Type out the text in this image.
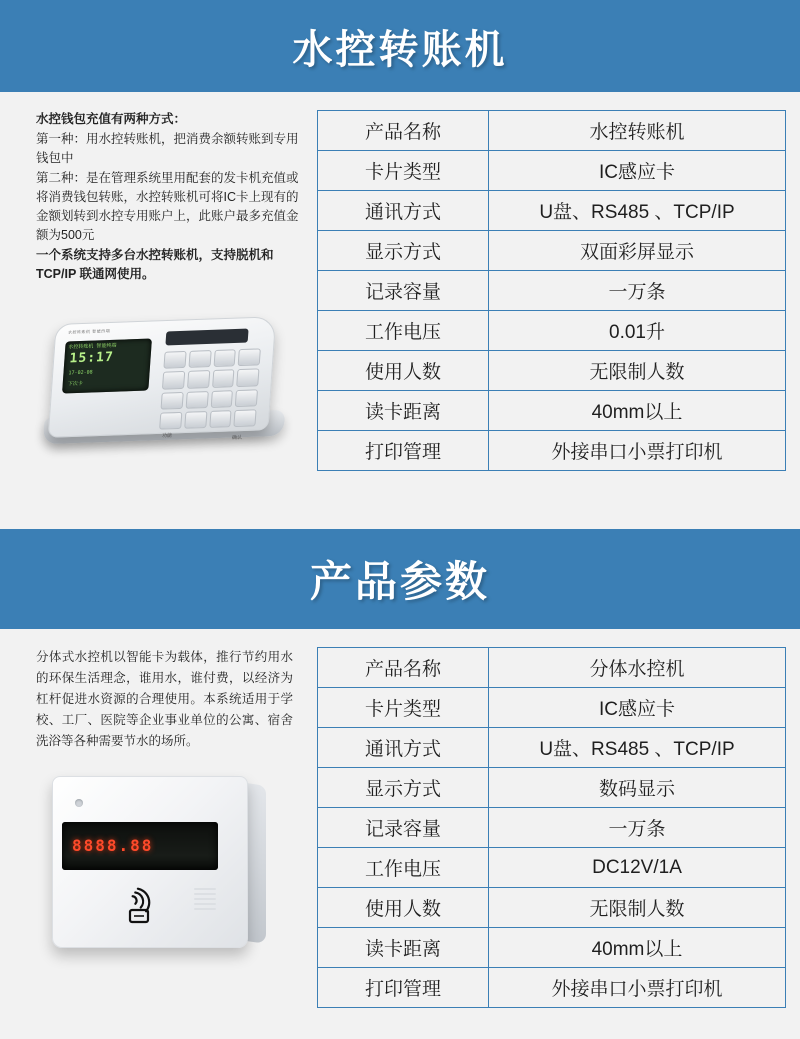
水控转账机

水控钱包充值有两种方式：

第一种：用水控转账机，把消费余额转账到专用钱包中

第二种：是在管理系统里用配套的发卡机充值或将消费钱包转账，水控转账机可将IC卡上现有的金额划转到水控专用账户上，此账户最多充值金额为500元

一个系统支持多台水控转账机，支持脱机和TCP/IP 联通网使用。

水控转账机 智能终端
水控转账机 智能终端
15:17
17-02-08
下次卡
功能	确认
产品名称	水控转账机
卡片类型	IC感应卡
通讯方式	U盘、RS485 、TCP/IP
显示方式	双面彩屏显示
记录容量	一万条
工作电压	0.01升
使用人数	无限制人数
读卡距离	40mm以上
打印管理	外接串口小票打印机
产品参数
分体式水控机以智能卡为载体，推行节约用水的环保生活理念，谁用水，谁付费，以经济为杠杆促进水资源的合理使用。本系统适用于学校、工厂、医院等企业事业单位的公寓、宿舍洗浴等各种需要节水的场所。
8888.88
产品名称	分体水控机
卡片类型	IC感应卡
通讯方式	U盘、RS485 、TCP/IP
显示方式	数码显示
记录容量	一万条
工作电压	DC12V/1A
使用人数	无限制人数
读卡距离	40mm以上
打印管理	外接串口小票打印机
